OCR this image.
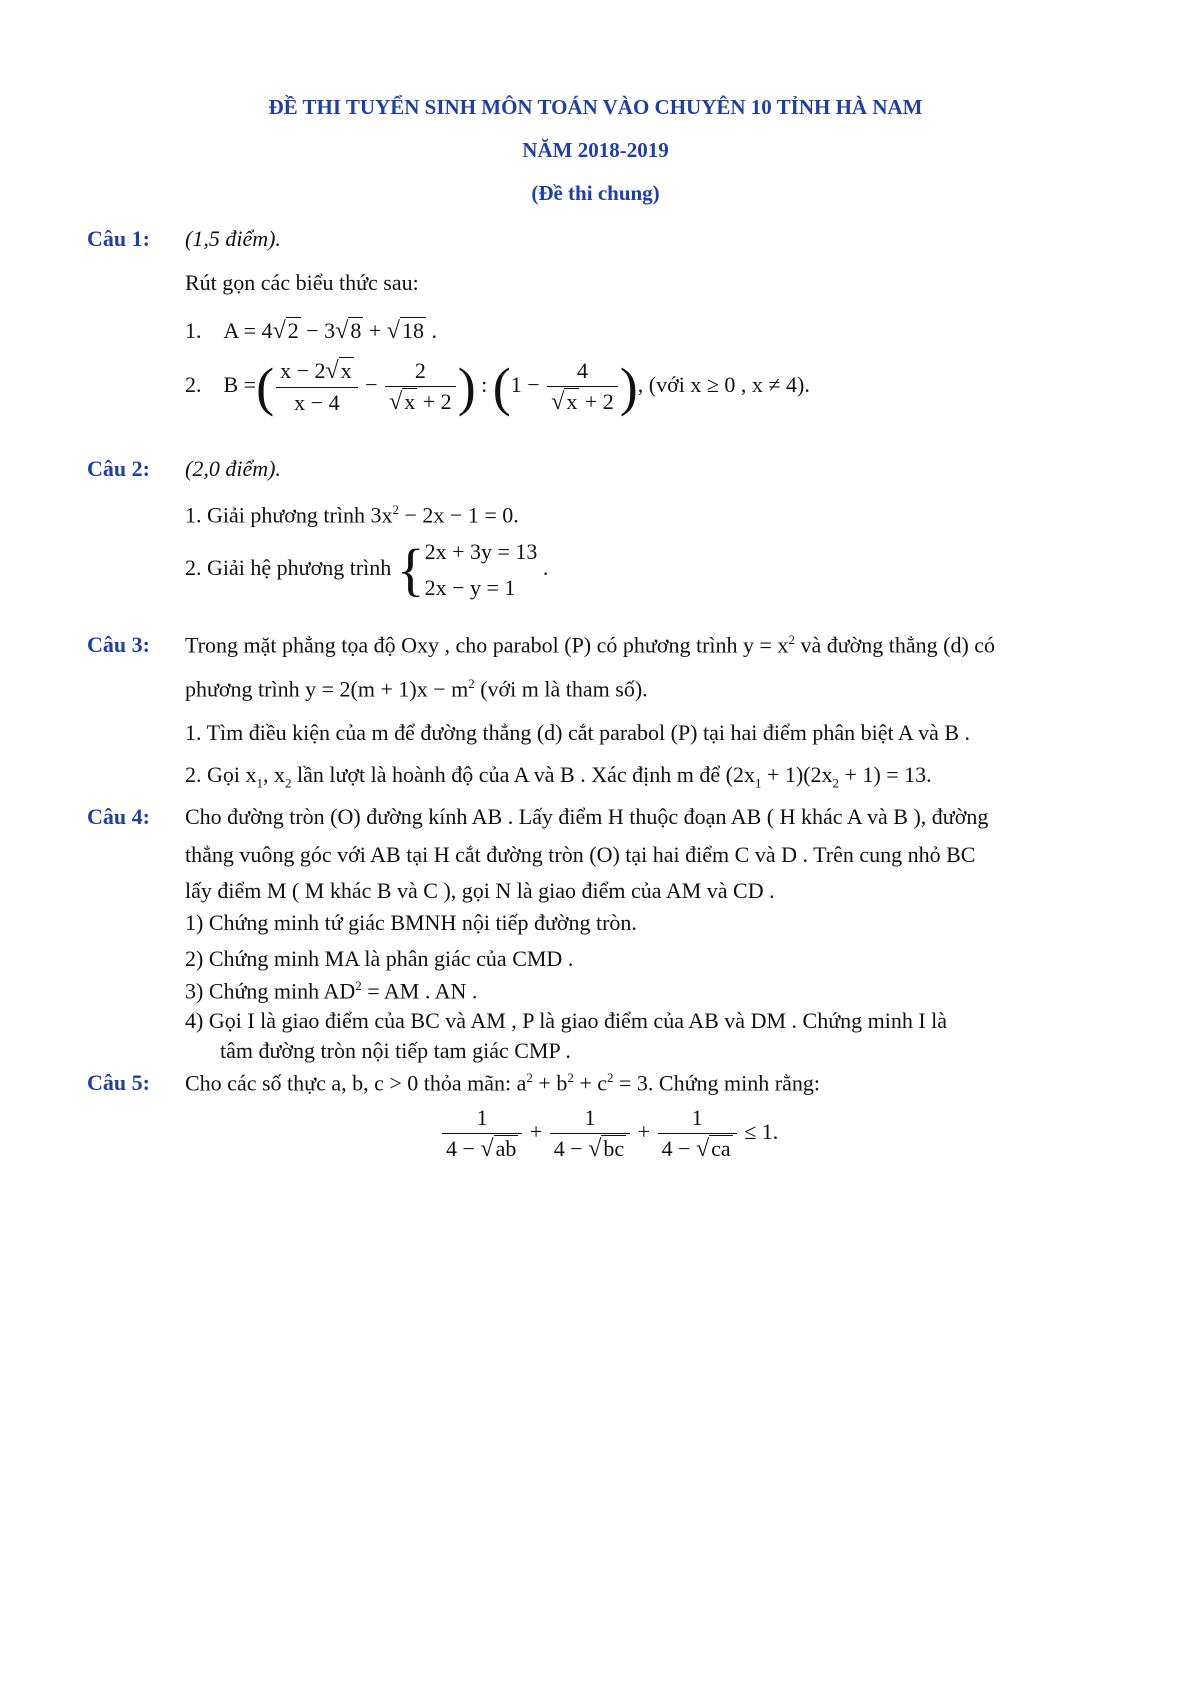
ĐỀ THI TUYỂN SINH MÔN TOÁN VÀO CHUYÊN 10 TỈNH HÀ NAM
NĂM 2018-2019
(Đề thi chung)
Câu 1: (1,5 điểm).
Rút gọn các biểu thức sau:
1.    A = 4√2 − 3√8 + √18 .
2.    B =( $\frac{x - 2√x}{x - 4} - \frac{2}{√x + 2}$ ) : ($1 - \frac{4}{√x + 2}$ ), (với x ≥ 0 , x ≠ 4).
Câu 2: (2,0 điểm).
1. Giải phương trình $3x^2 - 2x - 1 = 0$.
2. Giải hệ phương trình {2x + 3y = 13
2x − y = 1 .
Câu 3: Trong mặt phẳng tọa độ Oxy , cho parabol (P) có phương trình $y = x^2$ và đường thẳng (d) có
phương trình $y = 2(m + 1)x - m^2$ (với m là tham số).
1. Tìm điều kiện của m để đường thẳng (d) cắt parabol (P) tại hai điểm phân biệt A và B .
2. Gọi $x_1$, $x_2$ lần lượt là hoành độ của A và B . Xác định m để $(2x_1 + 1)(2x_2 + 1) = 13$.
Câu 4: Cho đường tròn (O) đường kính AB . Lấy điểm H thuộc đoạn AB ( H khác A và B ), đường
thẳng vuông góc với AB tại H cắt đường tròn (O) tại hai điểm C và D . Trên cung nhỏ BC
lấy điểm M ( M khác B và C ), gọi N là giao điểm của AM và CD .
1) Chứng minh tứ giác BMNH nội tiếp đường tròn.
2) Chứng minh MA là phân giác của CMD .
3) Chứng minh $AD^2$ = AM . AN .
4) Gọi I là giao điểm của BC và AM , P là giao điểm của AB và DM . Chứng minh I là
tâm đường tròn nội tiếp tam giác CMP .
Câu 5: Cho các số thực a, b, c > 0 thỏa mãn: $a^2 + b^2 + c^2 = 3$. Chứng minh rằng:
$\frac{1}{4 - √ab} + \frac{1}{4 - √bc} + \frac{1}{4 - √ca} \le 1$.
